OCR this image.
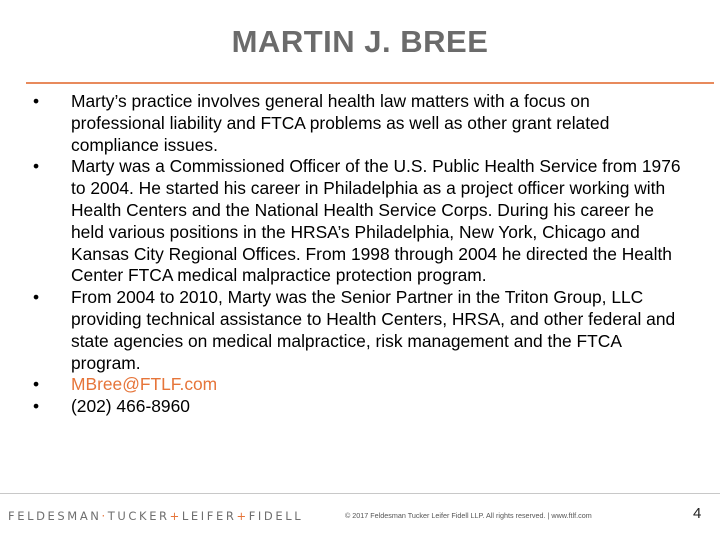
MARTIN J. BREE
•	Marty’s practice involves general health law matters with a focus on professional liability and FTCA problems as well as other grant related compliance issues.
•	Marty was a Commissioned Officer of the U.S. Public Health Service from 1976 to 2004. He started his career in Philadelphia as a project officer working with Health Centers and the National Health Service Corps. During his career he held various positions in the HRSA’s Philadelphia, New York, Chicago and Kansas City Regional Offices. From 1998 through 2004 he directed the Health Center FTCA medical malpractice protection program.
•	From 2004 to 2010, Marty was the Senior Partner in the Triton Group, LLC providing technical assistance to Health Centers, HRSA, and other federal and state agencies on medical malpractice, risk management and the FTCA program.
•	MBree@FTLF.com
•	(202) 466-8960
FELDESMAN·TUCKER+LEIFER+FIDELL	© 2017 Feldesman Tucker Leifer Fidell LLP. All rights reserved. | www.ftlf.com	4
